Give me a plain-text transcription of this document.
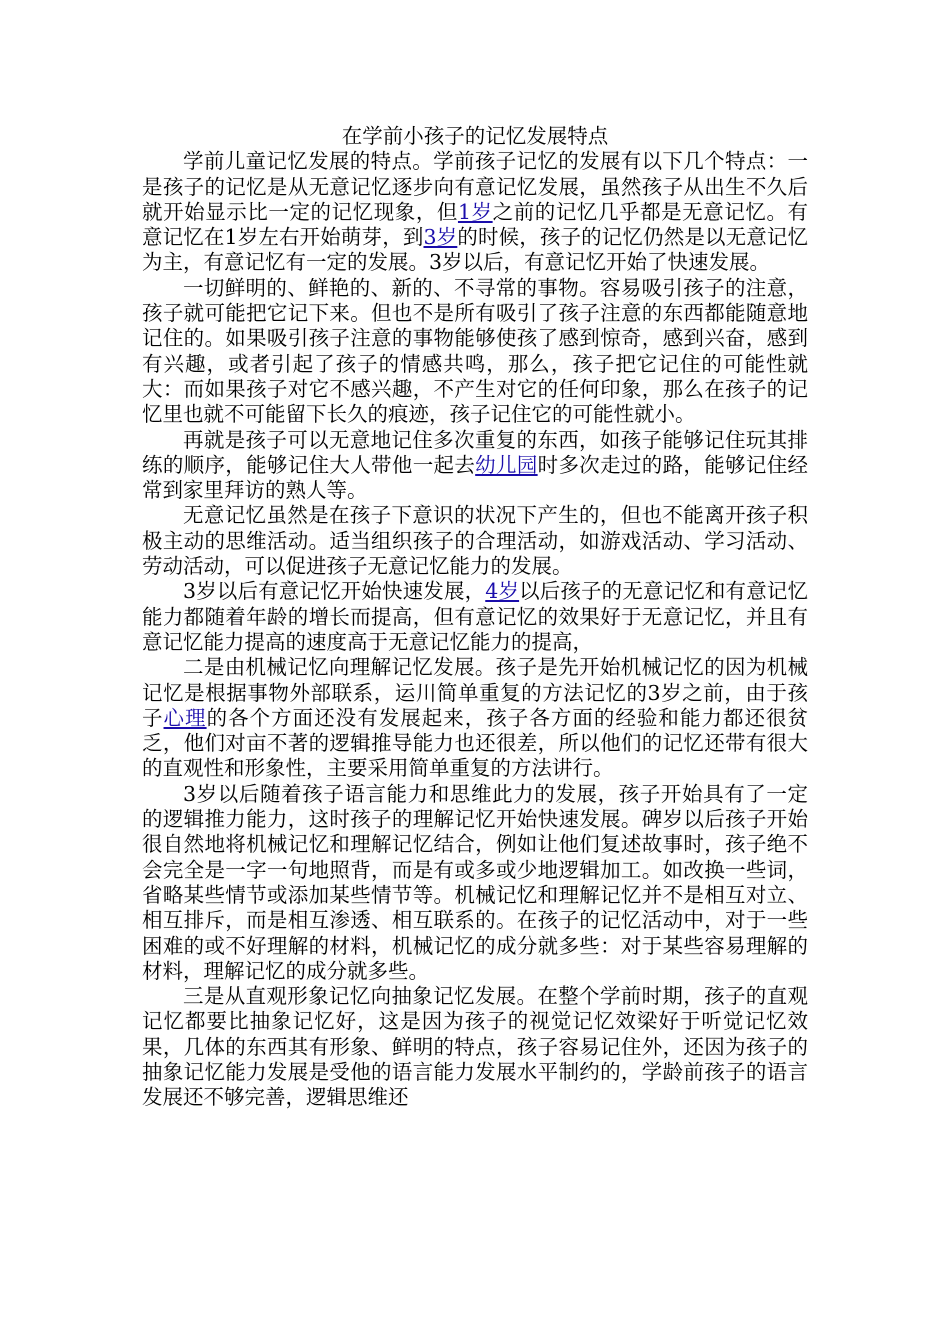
在学前小孩子的记忆发展特点

学前儿童记忆发展的特点。学前孩子记忆的发展有以下几个特点：一是孩子的记忆是从无意记忆逐步向有意记忆发展，虽然孩子从出生不久后就开始显示比一定的记忆现象，但1岁之前的记忆几乎都是无意记忆。有意记忆在1岁左右开始萌芽，到3岁的时候，孩子的记忆仍然是以无意记忆为主，有意记忆有一定的发展。3岁以后，有意记忆开始了快速发展。

一切鲜明的、鲜艳的、新的、不寻常的事物。容易吸引孩子的注意，孩子就可能把它记下来。但也不是所有吸引了孩子注意的东西都能随意地记住的。如果吸引孩子注意的事物能够使孩了感到惊奇，感到兴奋，感到有兴趣，或者引起了孩子的情感共鸣，那么，孩子把它记住的可能性就大：而如果孩子对它不感兴趣，不产生对它的任何印象，那么在孩子的记忆里也就不可能留下长久的痕迹，孩子记住它的可能性就小。

再就是孩子可以无意地记住多次重复的东西，如孩子能够记住玩其排练的顺序，能够记住大人带他一起去幼儿园时多次走过的路，能够记住经常到家里拜访的熟人等。

无意记忆虽然是在孩子下意识的状况下产生的，但也不能离开孩子积极主动的思维活动。适当组织孩子的合理活动，如游戏活动、学习活动、劳动活动，可以促进孩子无意记忆能力的发展。

3岁以后有意记忆开始快速发展，4岁以后孩子的无意记忆和有意记忆能力都随着年龄的增长而提高，但有意记忆的效果好于无意记忆，并且有意记忆能力提高的速度高于无意记忆能力的提高，

二是由机械记忆向理解记忆发展。孩子是先开始机械记忆的因为机械记忆是根据事物外部联系，运川简单重复的方法记忆的3岁之前，由于孩子心理的各个方面还没有发展起来，孩子各方面的经验和能力都还很贫乏，他们对亩不著的逻辑推导能力也还很差，所以他们的记忆还带有很大的直观性和形象性，主要采用简单重复的方法讲行。

3岁以后随着孩子语言能力和思维此力的发展，孩子开始具有了一定的逻辑推力能力，这时孩子的理解记忆开始快速发展。碑岁以后孩子开始很自然地将机械记忆和理解记忆结合，例如让他们复述故事时，孩子绝不会完全是一字一句地照背，而是有或多或少地逻辑加工。如改换一些词，省略某些情节或添加某些情节等。机械记忆和理解记忆并不是相互对立、相互排斥，而是相互渗透、相互联系的。在孩子的记忆活动中，对于一些困难的或不好理解的材料，机械记忆的成分就多些：对于某些容易理解的材料，理解记忆的成分就多些。

三是从直观形象记忆向抽象记忆发展。在整个学前时期，孩子的直观记忆都要比抽象记忆好，这是因为孩子的视觉记忆效梁好于听觉记忆效果，几体的东西其有形象、鲜明的特点，孩子容易记住外，还因为孩子的抽象记忆能力发展是受他的语言能力发展水平制约的，学龄前孩子的语言发展还不够完善，逻辑思维还
